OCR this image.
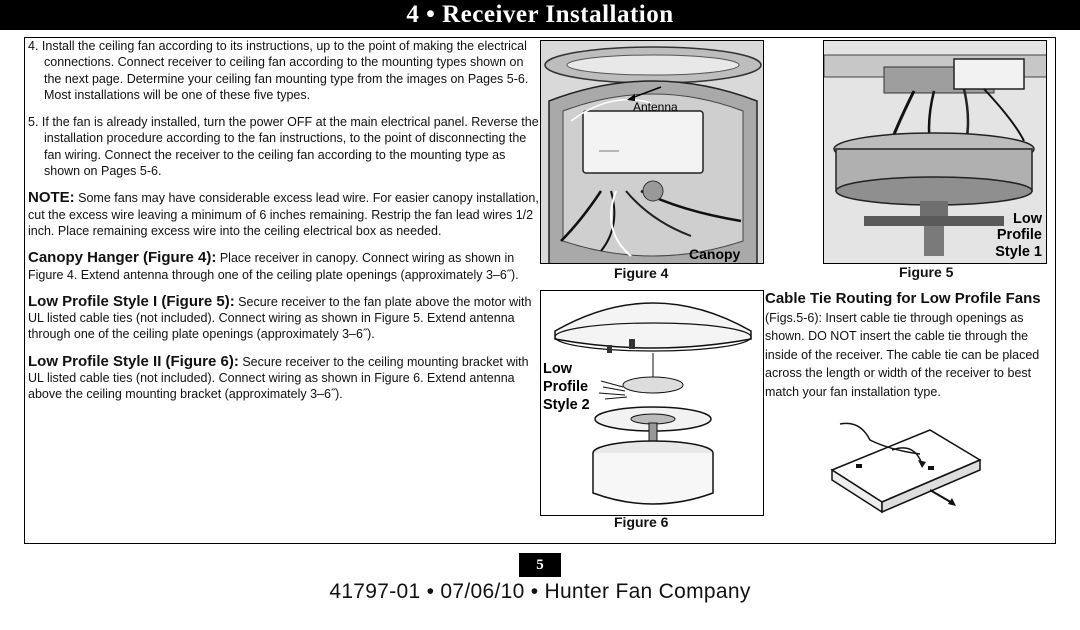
4 • Receiver Installation

4. Install the ceiling fan according to its instructions, up to the point of making the electrical connections. Connect receiver to ceiling fan according to the mounting types shown on the next page. Determine your ceiling fan mounting type from the images on Pages 5-6. Most installations will be one of these five types.

5. If the fan is already installed, turn the power OFF at the main electrical panel. Reverse the installation procedure according to the fan instructions, to the point of disconnecting the fan wiring. Connect the receiver to the ceiling fan according to the mounting type as shown on Pages 5-6.

NOTE: Some fans may have considerable excess lead wire. For easier canopy installation, cut the excess wire leaving a minimum of 6 inches remaining. Restrip the fan lead wires 1/2 inch. Place remaining excess wire into the ceiling electrical box as needed.

Canopy Hanger (Figure 4): Place receiver in canopy. Connect wiring as shown in Figure 4. Extend antenna through one of the ceiling plate openings (approximately 3–6˝).

Low Profile Style I (Figure 5): Secure receiver to the fan plate above the motor with UL listed cable ties (not included). Connect wiring as shown in Figure 5. Extend antenna through one of the ceiling plate openings (approximately 3–6˝).

Low Profile Style II (Figure 6): Secure receiver to the ceiling mounting bracket with UL listed cable ties (not included). Connect wiring as shown in Figure 6. Extend antenna above the ceiling mounting bracket (approximately 3–6˝).

Antenna
Canopy
Figure 4
Low
Profile
Style 1
Figure 5
Low
Profile
Style 2
Figure 6
Cable Tie Routing for Low Profile Fans (Figs.5-6): Insert cable tie through openings as shown. DO NOT insert the cable tie through the inside of the receiver. The cable tie can be placed across the length or width of the receiver to best match your fan installation type.
5
41797-01 • 07/06/10 • Hunter Fan Company
